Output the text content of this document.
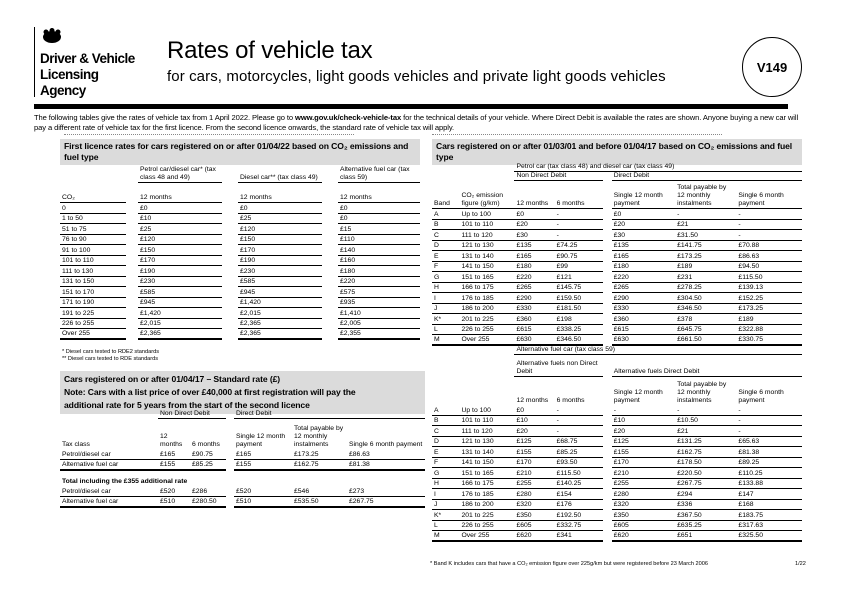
Driver & Vehicle
Licensing
Agency
Rates of vehicle tax
for cars, motorcycles, light goods vehicles and private light goods vehicles
V149
The following tables give the rates of vehicle tax from 1 April 2022. Please go to www.gov.uk/check-vehicle-tax for the technical details of your vehicle. Where Direct Debit is available the rates are shown. Anyone buying a new car will pay a different rate of vehicle tax for the first licence. From the second licence onwards, the standard rate of vehicle tax will apply.
First licence rates for cars registered on or after 01/04/22 based on CO₂ emissions and fuel type
		Petrol car/diesel car* (tax class 48 and 49)		Diesel car** (tax class 49)		Alternative fuel car (tax class 59)
CO₂		12 months		12 months		12 months
0		£0		£0		£0
1 to 50		£10		£25		£0
51 to 75		£25		£120		£15
76 to 90		£120		£150		£110
91 to 100		£150		£170		£140
101 to 110		£170		£190		£160
111 to 130		£190		£230		£180
131 to 150		£230		£585		£220
151 to 170		£585		£945		£575
171 to 190		£945		£1,420		£935
191 to 225		£1,420		£2,015		£1,410
226 to 255		£2,015		£2,365		£2,005
Over 255		£2,365		£2,365		£2,355
* Diesel cars tested to RDE2 standards
** Diesel cars tested to RDE standards
Cars registered on or after 01/04/17 – Standard rate (£)
Note: Cars with a list price of over £40,000 at first registration will pay the
additional rate for 5 years from the start of the second licence
	Non Direct Debit			Direct Debit		
Tax class	12 months	6 months		Single 12 month payment	Total payable by 12 monthly instalments	Single 6 month payment
Petrol/diesel car	£165	£90.75		£165	£173.25	£86.63
Alternative fuel car	£155	£85.25		£155	£162.75	£81.38
Total including the £355 additional rate						
Petrol/diesel car	£520	£286		£520	£546	£273
Alternative fuel car	£510	£280.50		£510	£535.50	£267.75
Cars registered on or after 01/03/01 and before 01/04/17 based on CO₂ emissions and fuel type
		Petrol car (tax class 48) and diesel car (tax class 49)					
		Non Direct Debit			Direct Debit		
Band	CO₂ emission figure (g/km)	12 months	6 months		Single 12 month payment	Total payable by 12 monthly instalments	Single 6 month payment
A	Up to 100	£0	-		£0	-	-
B	101 to 110	£20	-		£20	£21	-
C	111 to 120	£30	-		£30	£31.50	-
D	121 to 130	£135	£74.25		£135	£141.75	£70.88
E	131 to 140	£165	£90.75		£165	£173.25	£86.63
F	141 to 150	£180	£99		£180	£189	£94.50
G	151 to 165	£220	£121		£220	£231	£115.50
H	166 to 175	£265	£145.75		£265	£278.25	£139.13
I	176 to 185	£290	£159.50		£290	£304.50	£152.25
J	186 to 200	£330	£181.50		£330	£346.50	£173.25
K*	201 to 225	£360	£198		£360	£378	£189
L	226 to 255	£615	£338.25		£615	£645.75	£322.88
M	Over 255	£630	£346.50		£630	£661.50	£330.75
		Alternative fuel car (tax class 59)					
		Alternative fuels non Direct Debit			Alternative fuels Direct Debit		
		12 months	6 months		Single 12 month payment	Total payable by 12 monthly instalments	Single 6 month payment
A	Up to 100	£0	-		-	-	-
B	101 to 110	£10	-		£10	£10.50	-
C	111 to 120	£20	-		£20	£21	-
D	121 to 130	£125	£68.75		£125	£131.25	£65.63
E	131 to 140	£155	£85.25		£155	£162.75	£81.38
F	141 to 150	£170	£93.50		£170	£178.50	£89.25
G	151 to 165	£210	£115.50		£210	£220.50	£110.25
H	166 to 175	£255	£140.25		£255	£267.75	£133.88
I	176 to 185	£280	£154		£280	£294	£147
J	186 to 200	£320	£176		£320	£336	£168
K*	201 to 225	£350	£192.50		£350	£367.50	£183.75
L	226 to 255	£605	£332.75		£605	£635.25	£317.63
M	Over 255	£620	£341		£620	£651	£325.50
* Band K includes cars that have a CO₂ emission figure over 225g/km but were registered before 23 March 2006	1/22
